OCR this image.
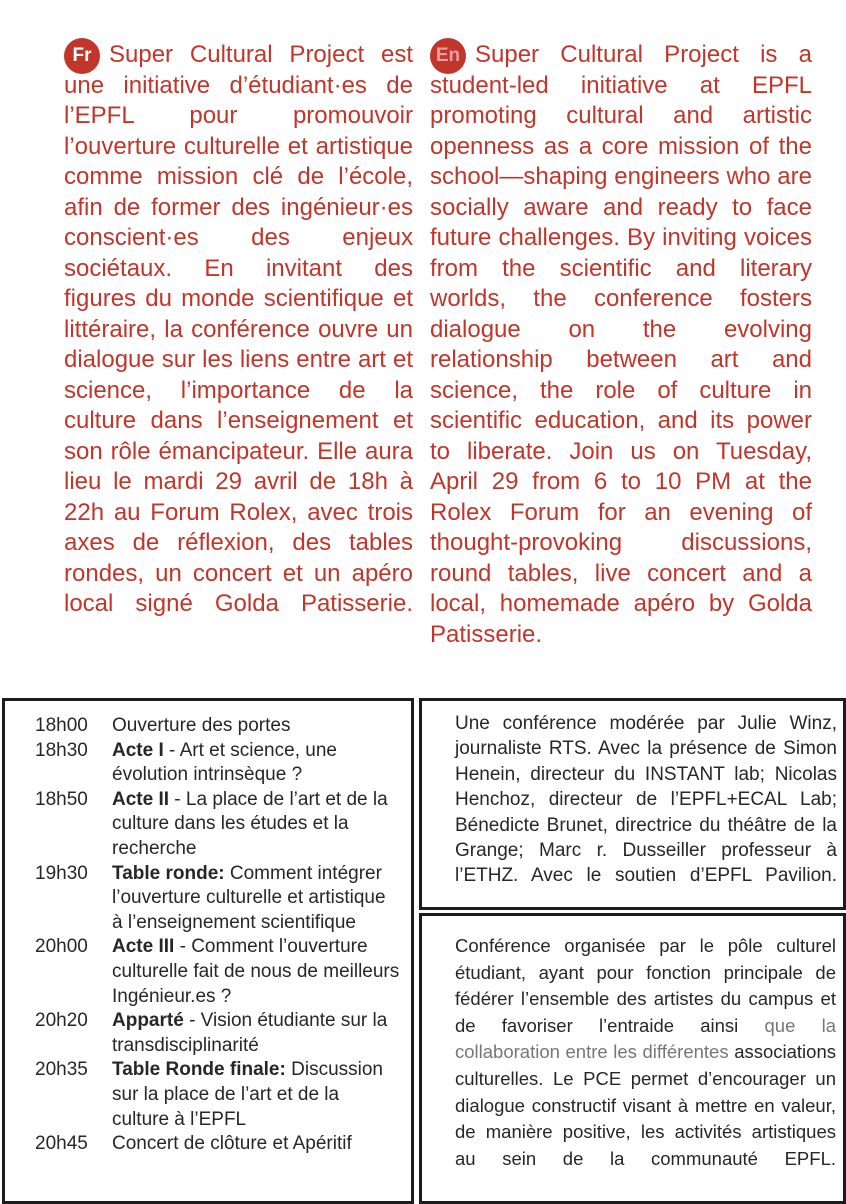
Fr Super Cultural Project est une initiative d’étudiant·es de l’EPFL pour promouvoir l’ouverture culturelle et artistique comme mission clé de l’école, afin de former des ingénieur·es conscient·es des enjeux sociétaux. En invitant des figures du monde scientifique et littéraire, la conférence ouvre un dialogue sur les liens entre art et science, l’importance de la culture dans l’enseignement et son rôle émancipateur. Elle aura lieu le mardi 29 avril de 18h à 22h au Forum Rolex, avec trois axes de réflexion, des tables rondes, un concert et un apéro local signé Golda Patisserie.

En Super Cultural Project is a student-led initiative at EPFL promoting cultural and artistic openness as a core mission of the school—shaping engineers who are socially aware and ready to face future challenges. By inviting voices from the scientific and literary worlds, the conference fosters dialogue on the evolving relationship between art and science, the role of culture in scientific education, and its power to liberate. Join us on Tuesday, April 29 from 6 to 10 PM at the Rolex Forum for an evening of thought-provoking discussions, round tables, live concert and a local, homemade apéro by Golda Patisserie.

18h00	Ouverture des portes
18h30	Acte I - Art et science, une évolution intrinsèque ?
18h50	Acte II - La place de l’art et de la culture dans les études et la recherche
19h30	Table ronde: Comment intégrer l’ouverture culturelle et artistique à l’enseignement scientifique
20h00	Acte III - Comment l’ouverture culturelle fait de nous de meilleurs Ingénieur.es ?
20h20	Apparté - Vision étudiante sur la transdisciplinarité
20h35	Table Ronde finale: Discussion sur la place de l’art et de la culture à l’EPFL
20h45	Concert de clôture et Apéritif

Une conférence modérée par Julie Winz, journaliste RTS. Avec la présence de Simon Henein, directeur du INSTANT lab; Nicolas Henchoz, directeur de l’EPFL+ECAL Lab; Bénedicte Brunet, directrice du théâtre de la Grange; Marc r. Dusseiller professeur à l’ETHZ. Avec le soutien d’EPFL Pavilion.

Conférence organisée par le pôle culturel étudiant, ayant pour fonction principale de fédérer l’ensemble des artistes du campus et de favoriser l’entraide ainsi que la collaboration entre les différentes associations culturelles. Le PCE permet d’encourager un dialogue constructif visant à mettre en valeur, de manière positive, les activités artistiques au sein de la communauté EPFL.
